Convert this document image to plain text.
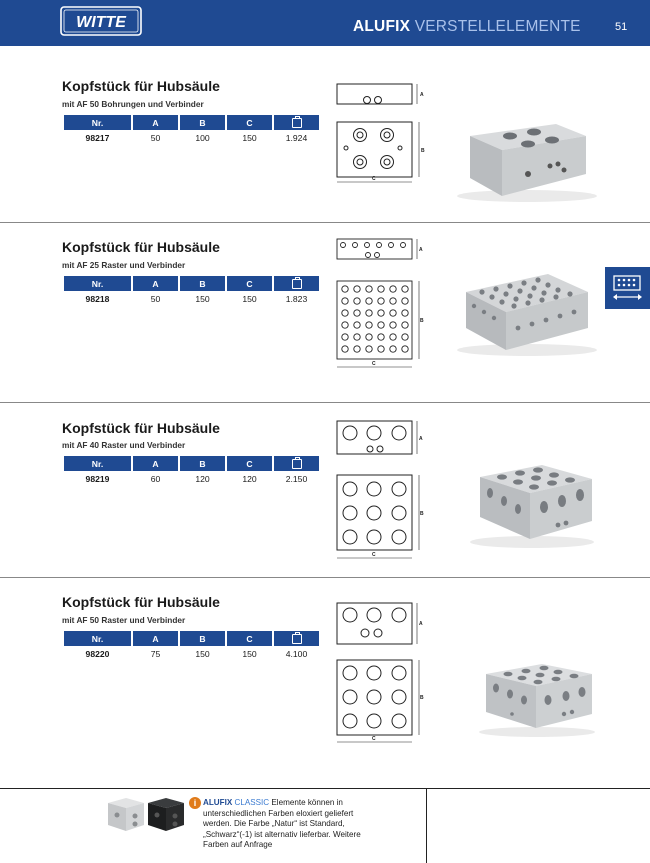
WITTE	ALUFIX VERSTELLELEMENTE	51
Kopfstück für Hubsäule
mit AF 50 Bohrungen und Verbinder
Nr.	A	B	C	
98217	50	100	150	1.924
A
B
C
Kopfstück für Hubsäule
mit AF 25 Raster und Verbinder
Nr.	A	B	C	
98218	50	150	150	1.823
A
B
C
Kopfstück für Hubsäule
mit AF 40 Raster und Verbinder
Nr.	A	B	C	
98219	60	120	120	2.150
A
B
C
Kopfstück für Hubsäule
mit AF 50 Raster und Verbinder
Nr.	A	B	C	
98220	75	150	150	4.100
A
B
C
i ALUFIX CLASSIC Elemente können in unterschiedlichen Farben eloxiert geliefert werden. Die Farbe „Natur“ ist Standard, „Schwarz“(-1) ist alternativ lieferbar. Weitere Farben auf Anfrage
